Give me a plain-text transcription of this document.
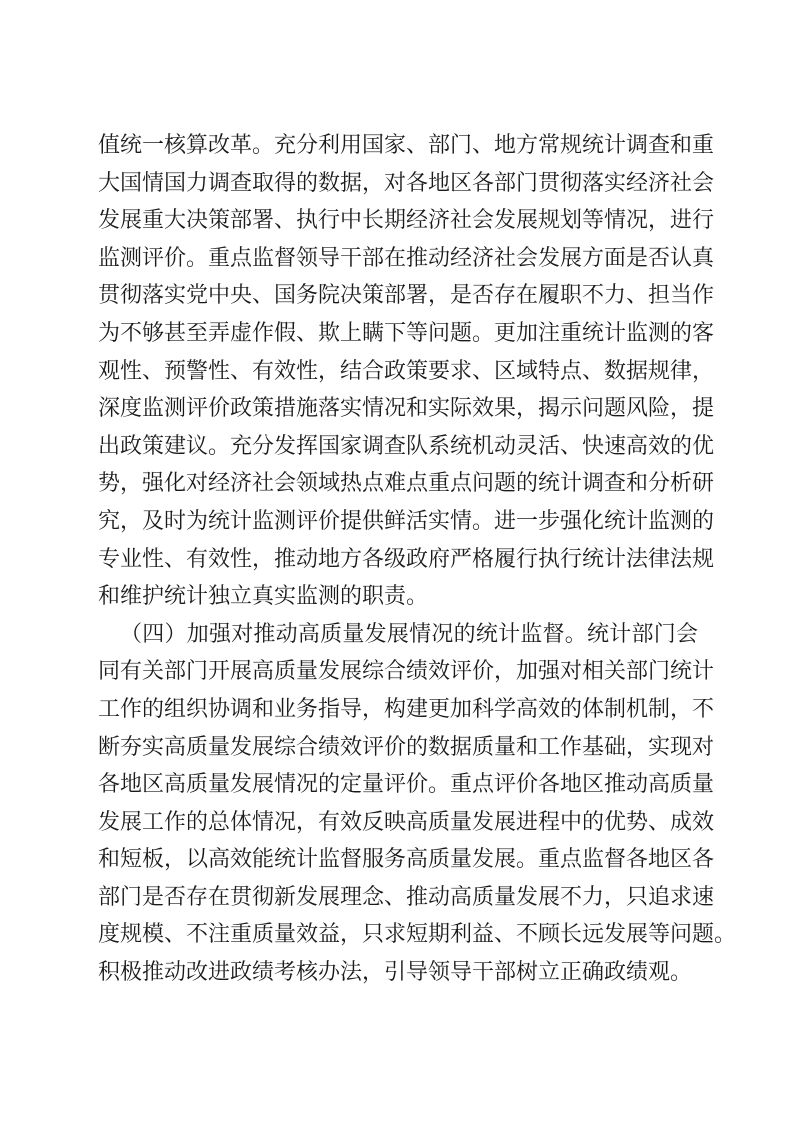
值统一核算改革。充分利用国家、部门、地方常规统计调查和重
大国情国力调查取得的数据，对各地区各部门贯彻落实经济社会
发展重大决策部署、执行中长期经济社会发展规划等情况，进行
监测评价。重点监督领导干部在推动经济社会发展方面是否认真
贯彻落实党中央、国务院决策部署，是否存在履职不力、担当作
为不够甚至弄虚作假、欺上瞒下等问题。更加注重统计监测的客
观性、预警性、有效性，结合政策要求、区域特点、数据规律，
深度监测评价政策措施落实情况和实际效果，揭示问题风险，提
出政策建议。充分发挥国家调查队系统机动灵活、快速高效的优
势，强化对经济社会领域热点难点重点问题的统计调查和分析研
究，及时为统计监测评价提供鲜活实情。进一步强化统计监测的
专业性、有效性，推动地方各级政府严格履行执行统计法律法规
和维护统计独立真实监测的职责。
（四）加强对推动高质量发展情况的统计监督。统计部门会
同有关部门开展高质量发展综合绩效评价，加强对相关部门统计
工作的组织协调和业务指导，构建更加科学高效的体制机制，不
断夯实高质量发展综合绩效评价的数据质量和工作基础，实现对
各地区高质量发展情况的定量评价。重点评价各地区推动高质量
发展工作的总体情况，有效反映高质量发展进程中的优势、成效
和短板，以高效能统计监督服务高质量发展。重点监督各地区各
部门是否存在贯彻新发展理念、推动高质量发展不力，只追求速
度规模、不注重质量效益，只求短期利益、不顾长远发展等问题。
积极推动改进政绩考核办法，引导领导干部树立正确政绩观。
